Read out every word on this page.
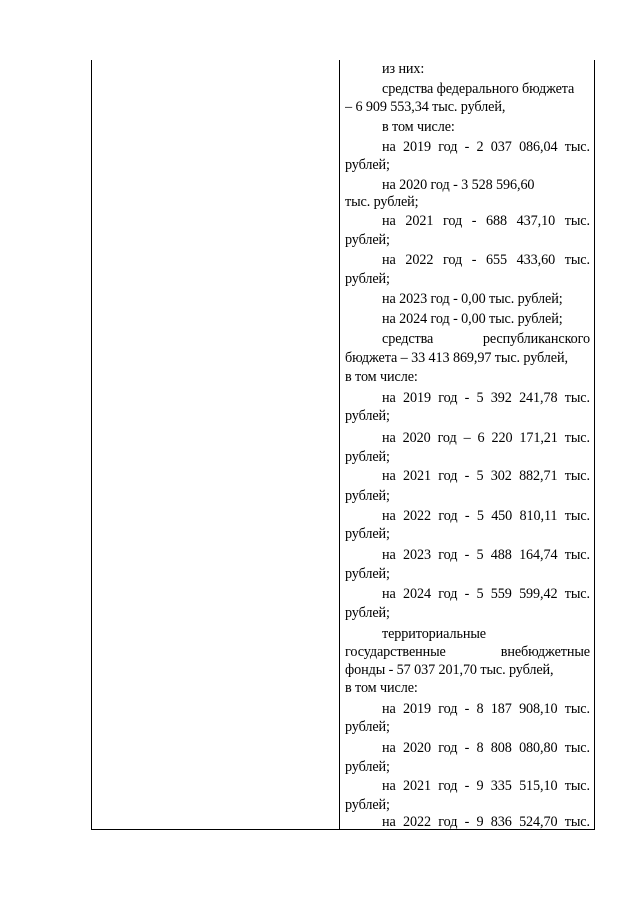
из них:
средства федерального бюджета
– 6 909 553,34 тыс. рублей,
в том числе:
на 2019 год - 2 037 086,04 тыс.
рублей;
на 2020 год - 3 528 596,60
тыс. рублей;
на 2021 год - 688 437,10 тыс.
рублей;
на 2022 год - 655 433,60 тыс.
рублей;
на 2023 год - 0,00 тыс. рублей;
на 2024 год - 0,00 тыс. рублей;
средства	республиканского
бюджета – 33 413 869,97 тыс. рублей,
в том числе:
на 2019 год - 5 392 241,78 тыс.
рублей;
на 2020 год – 6 220 171,21 тыс.
рублей;
на 2021 год - 5 302 882,71 тыс.
рублей;
на 2022 год - 5 450 810,11 тыс.
рублей;
на 2023 год - 5 488 164,74 тыс.
рублей;
на 2024 год - 5 559 599,42 тыс.
рублей;
территориальные
государственные	внебюджетные
фонды - 57 037 201,70 тыс. рублей,
в том числе:
на 2019 год - 8 187 908,10 тыс.
рублей;
на 2020 год - 8 808 080,80 тыс.
рублей;
на 2021 год - 9 335 515,10 тыс.
рублей;
на 2022 год - 9 836 524,70 тыс.
